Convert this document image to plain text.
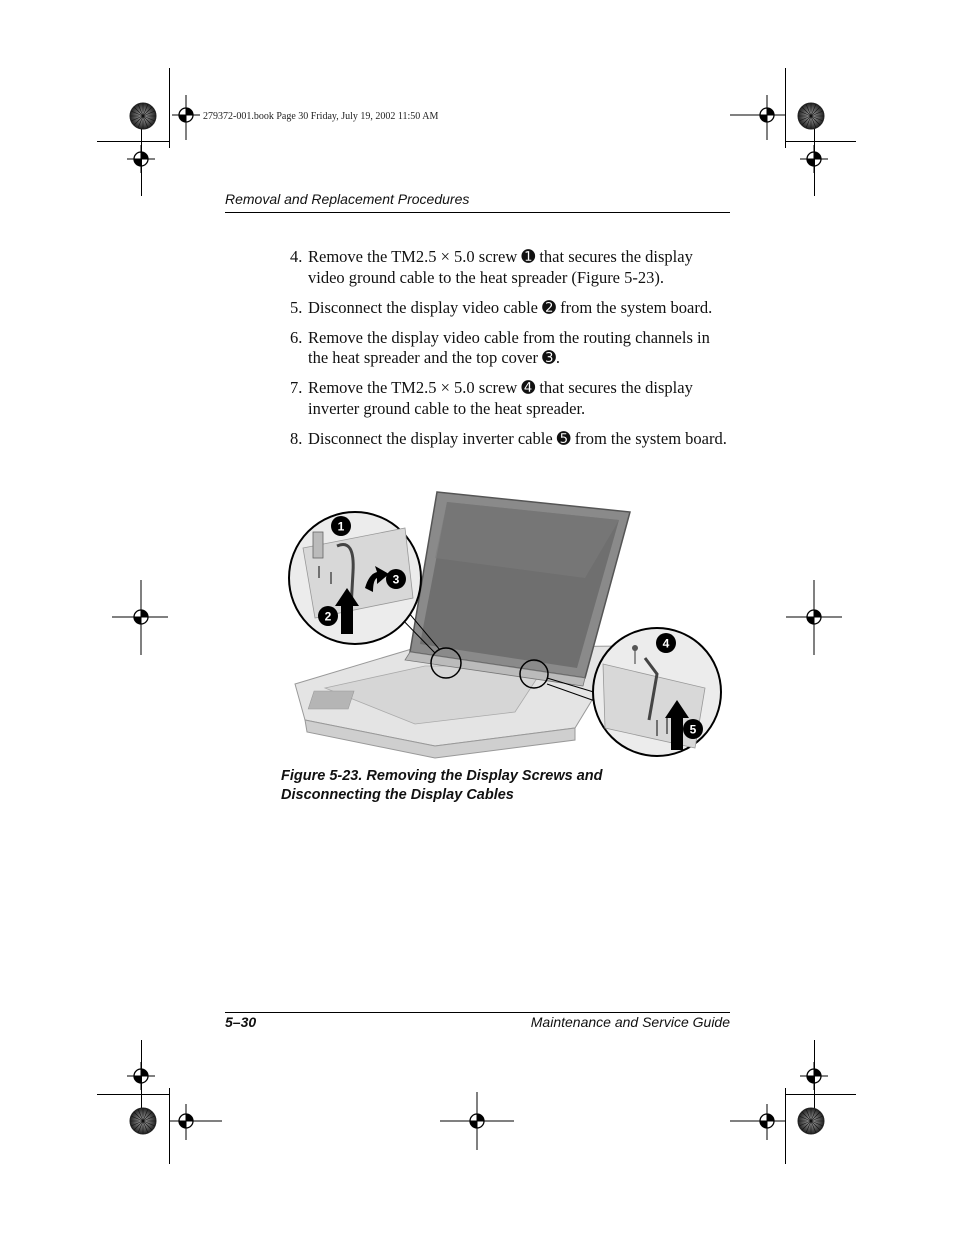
279372-001.book Page 30 Friday, July 19, 2002 11:50 AM
Removal and Replacement Procedures
4. Remove the TM2.5 × 5.0 screw ➊ that secures the display video ground cable to the heat spreader (Figure 5-23).
5. Disconnect the display video cable ➋ from the system board.
6. Remove the display video cable from the routing channels in the heat spreader and the top cover ➌.
7. Remove the TM2.5 × 5.0 screw ➍ that secures the display inverter ground cable to the heat spreader.
8. Disconnect the display inverter cable ➎ from the system board.
1
2
3
4
5
Figure 5-23. Removing the Display Screws and
Disconnecting the Display Cables
5–30	Maintenance and Service Guide
